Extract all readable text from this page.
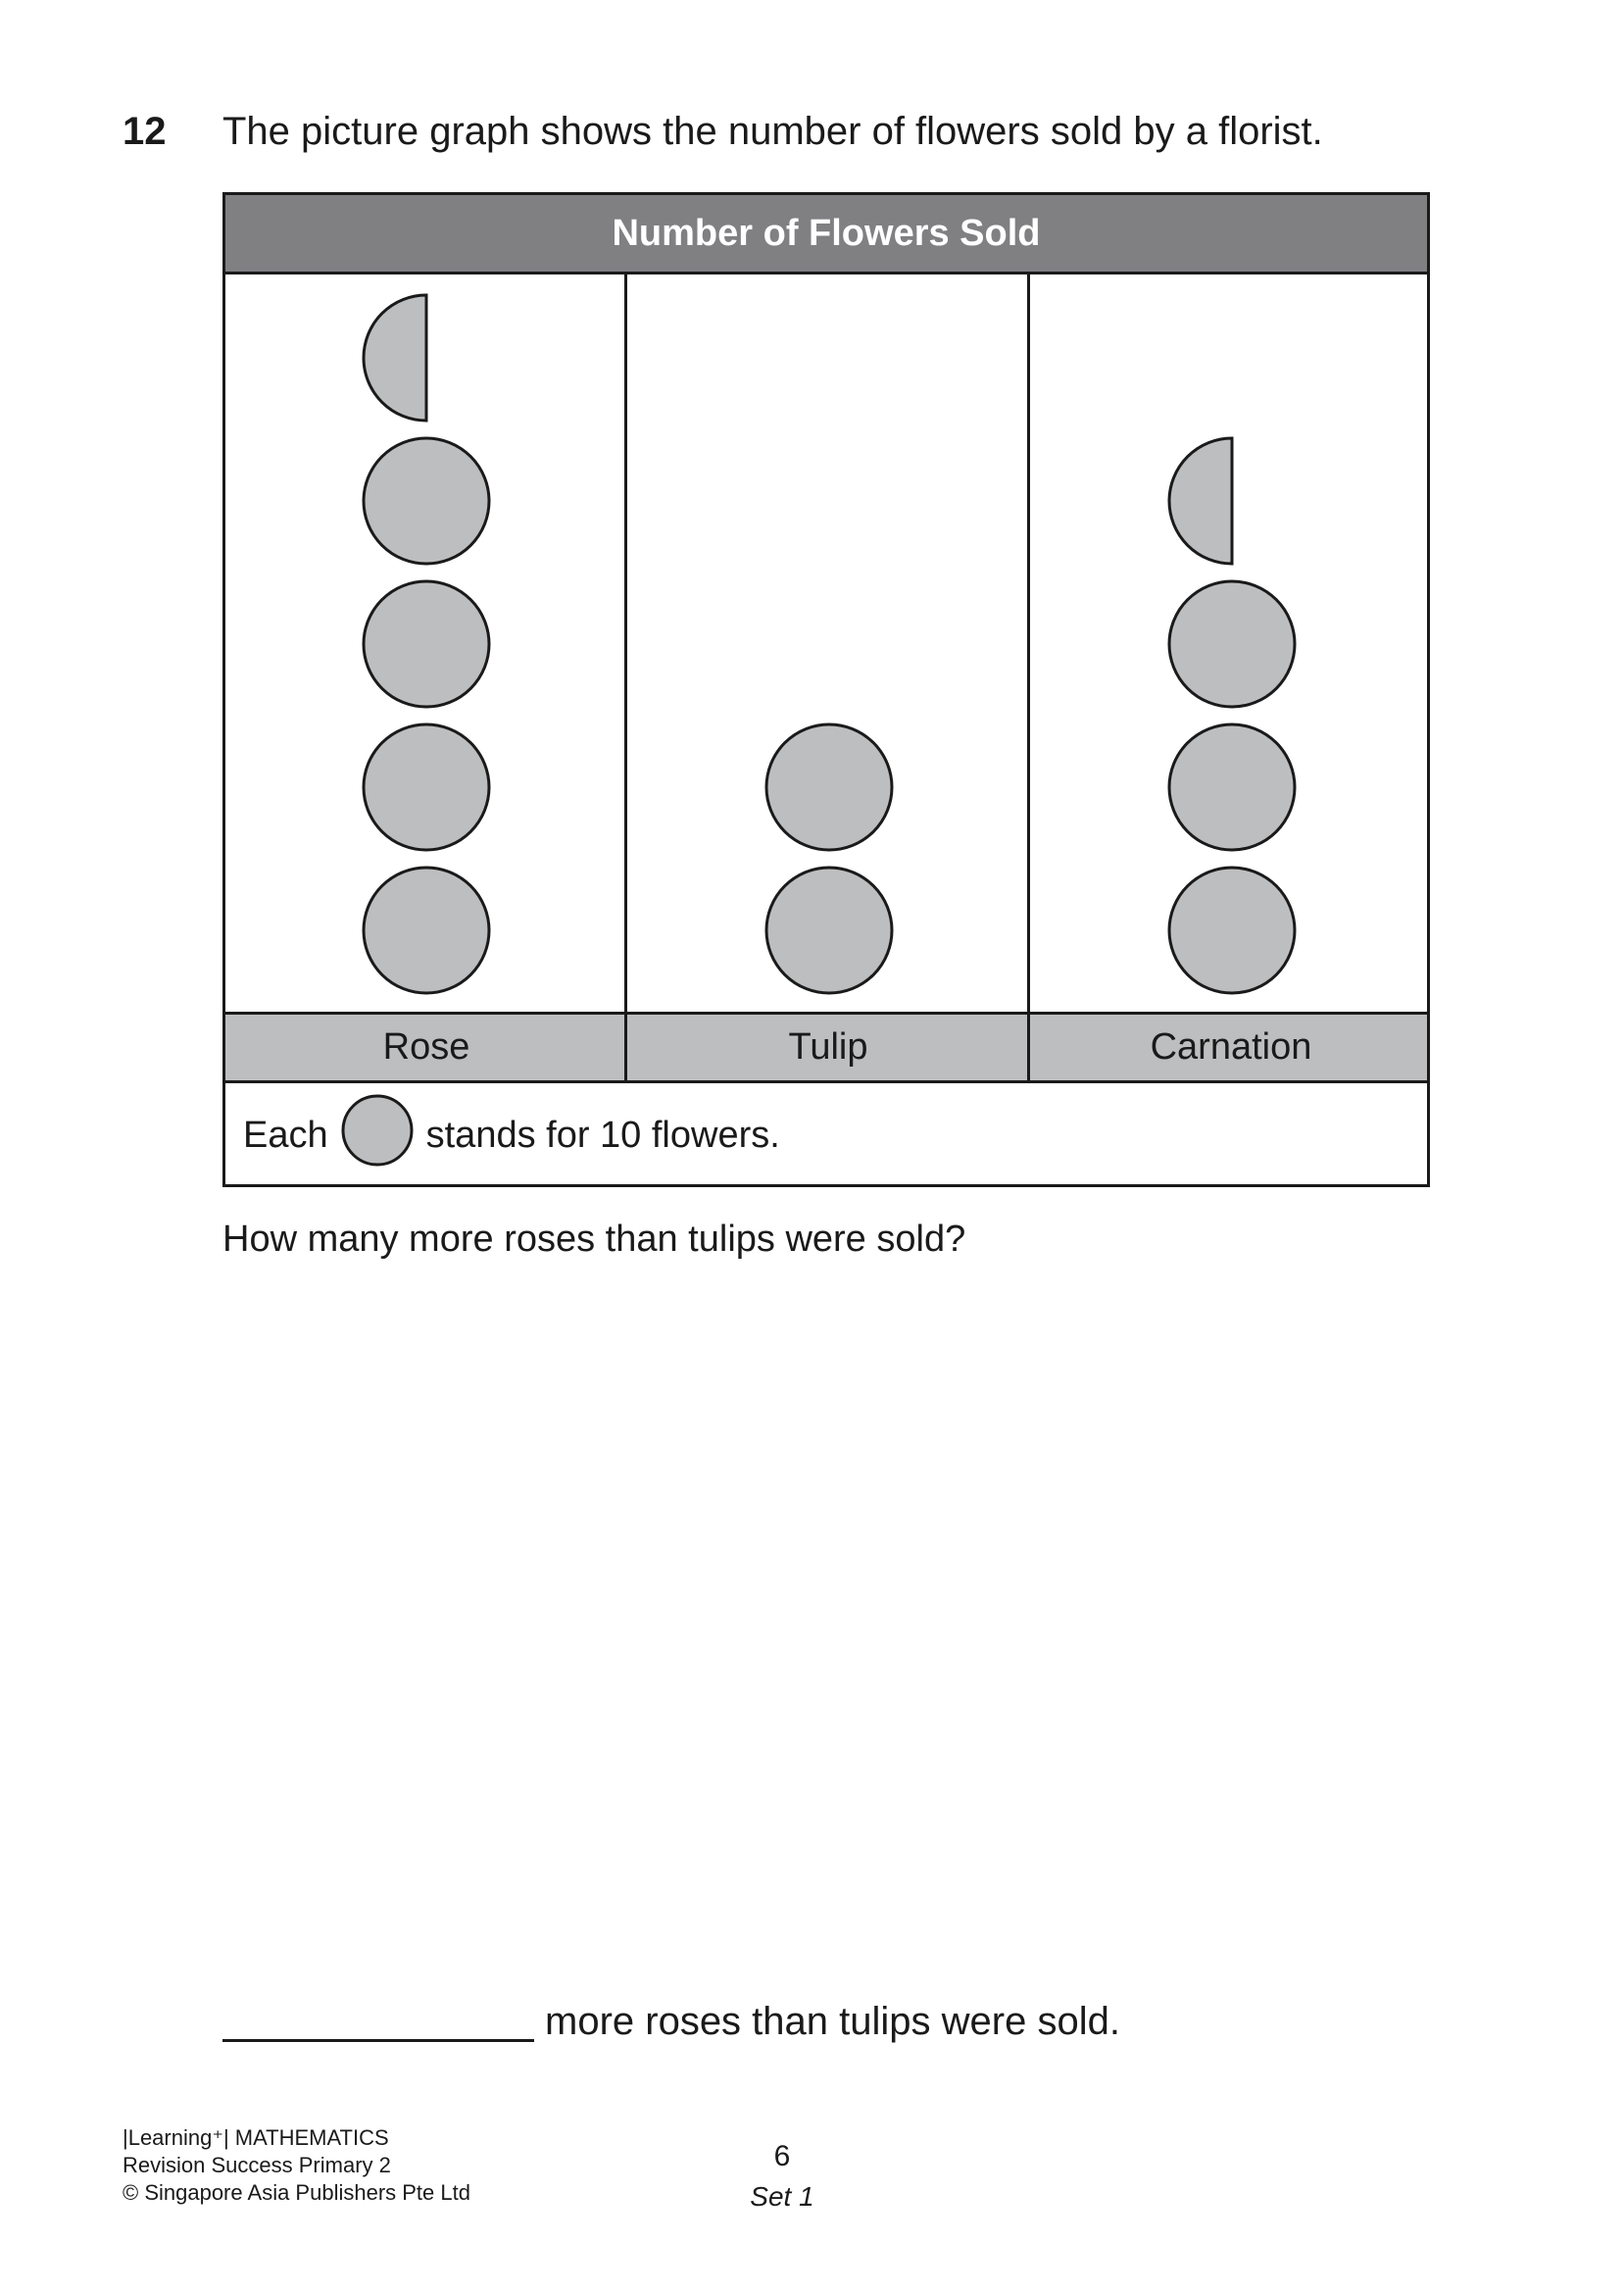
12 The picture graph shows the number of flowers sold by a florist.
Number of Flowers Sold
Rose	Tulip	Carnation
Each	stands for 10 flowers.
How many more roses than tulips were sold?
more roses than tulips were sold.
|Learning⁺| MATHEMATICS
Revision Success Primary 2
© Singapore Asia Publishers Pte Ltd
6
Set 1
